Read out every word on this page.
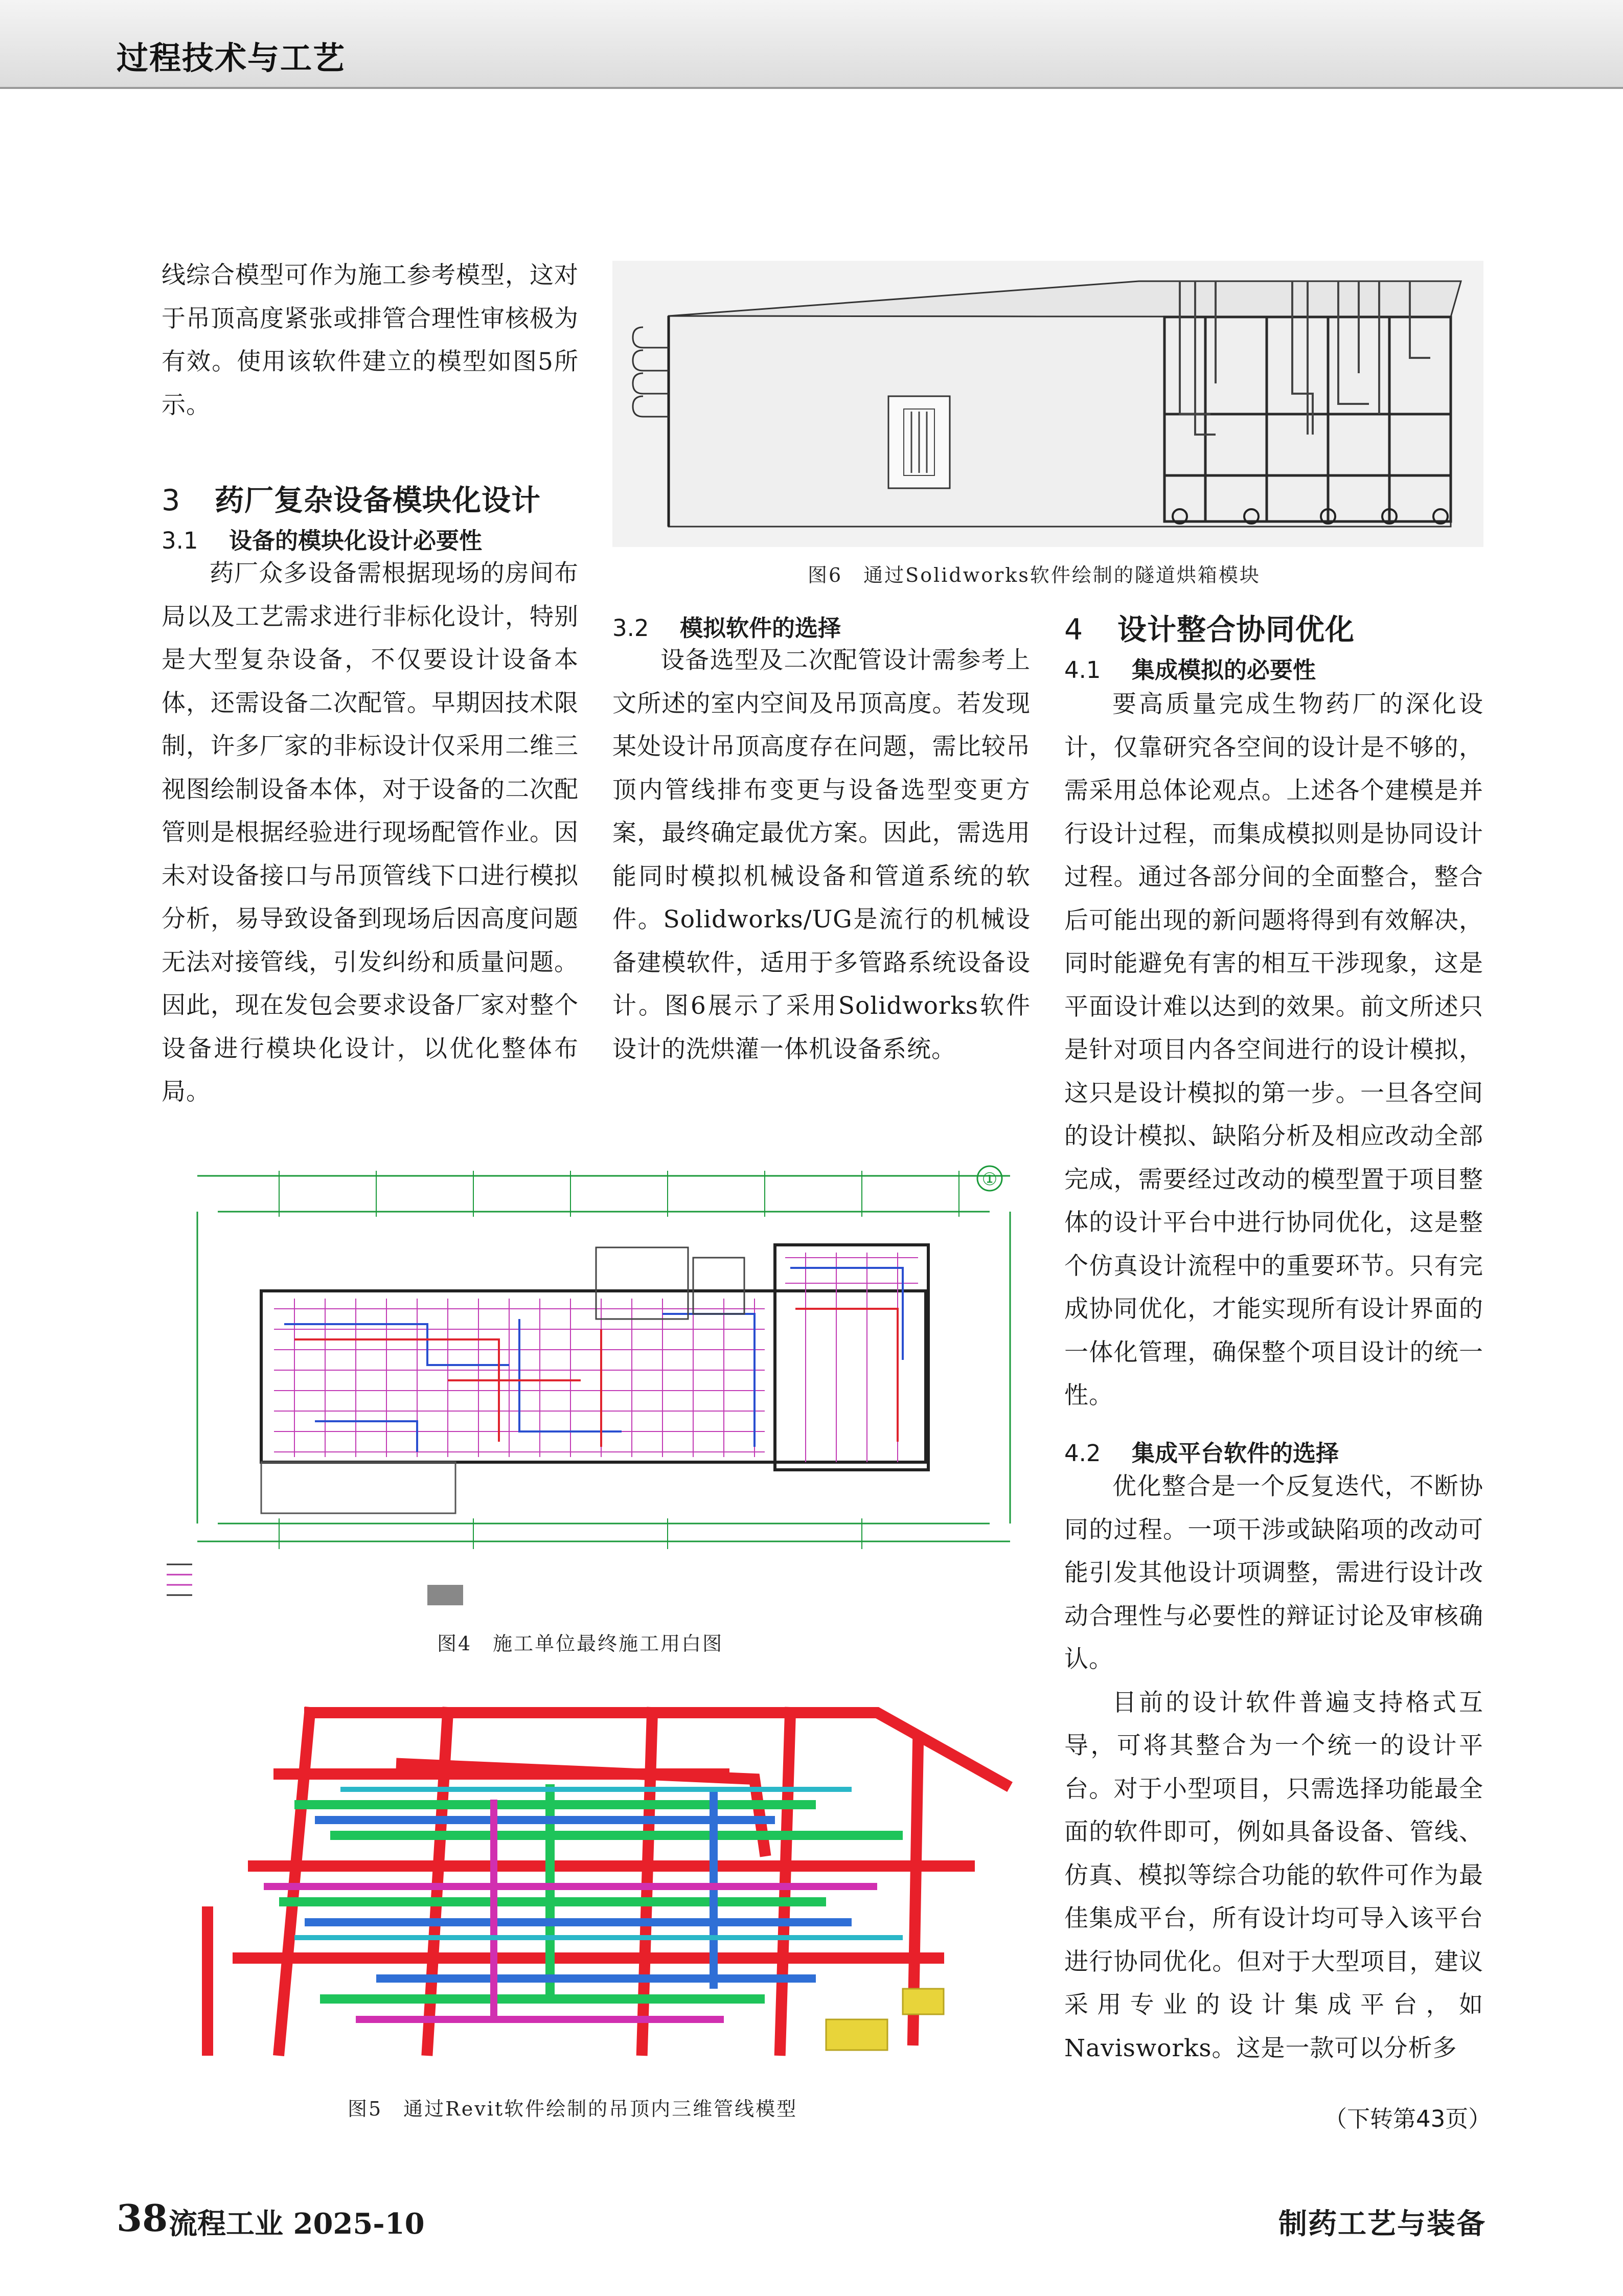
过程技术与工艺

线综合模型可作为施工参考模型，这对于吊顶高度紧张或排管合理性审核极为有效。使用该软件建立的模型如图5所示。

3 药厂复杂设备模块化设计
3.1 设备的模块化设计必要性

药厂众多设备需根据现场的房间布局以及工艺需求进行非标化设计，特别是大型复杂设备，不仅要设计设备本体，还需设备二次配管。早期因技术限制，许多厂家的非标设计仅采用二维三视图绘制设备本体，对于设备的二次配管则是根据经验进行现场配管作业。因未对设备接口与吊顶管线下口进行模拟分析，易导致设备到现场后因高度问题无法对接管线，引发纠纷和质量问题。因此，现在发包会要求设备厂家对整个设备进行模块化设计，以优化整体布局。

3.2 模拟软件的选择

设备选型及二次配管设计需参考上文所述的室内空间及吊顶高度。若发现某处设计吊顶高度存在问题，需比较吊顶内管线排布变更与设备选型变更方案，最终确定最优方案。因此，需选用能同时模拟机械设备和管道系统的软件。Solidworks/UG是流行的机械设备建模软件，适用于多管路系统设备设计。图6展示了采用Solidworks软件设计的洗烘灌一体机设备系统。

4 设计整合协同优化
4.1 集成模拟的必要性

要高质量完成生物药厂的深化设计，仅靠研究各空间的设计是不够的，需采用总体论观点。上述各个建模是并行设计过程，而集成模拟则是协同设计过程。通过各部分间的全面整合，整合后可能出现的新问题将得到有效解决，同时能避免有害的相互干涉现象，这是平面设计难以达到的效果。前文所述只是针对项目内各空间进行的设计模拟，这只是设计模拟的第一步。一旦各空间的设计模拟、缺陷分析及相应改动全部完成，需要经过改动的模型置于项目整体的设计平台中进行协同优化，这是整个仿真设计流程中的重要环节。只有完成协同优化，才能实现所有设计界面的一体化管理，确保整个项目设计的统一性。

4.2 集成平台软件的选择

优化整合是一个反复迭代，不断协同的过程。一项干涉或缺陷项的改动可能引发其他设计项调整，需进行设计改动合理性与必要性的辩证讨论及审核确认。

目前的设计软件普遍支持格式互导，可将其整合为一个统一的设计平台。对于小型项目，只需选择功能最全面的软件即可，例如具备设备、管线、仿真、模拟等综合功能的软件可作为最佳集成平台，所有设计均可导入该平台进行协同优化。但对于大型项目，建议采用专业的设计集成平台，如Navisworks。这是一款可以分析多

（下转第43页）
图6　通过Solidworks软件绘制的隧道烘箱模块
①
图4　施工单位最终施工用白图
图5　通过Revit软件绘制的吊顶内三维管线模型
38 流程工业 2025-10	制药工艺与装备
